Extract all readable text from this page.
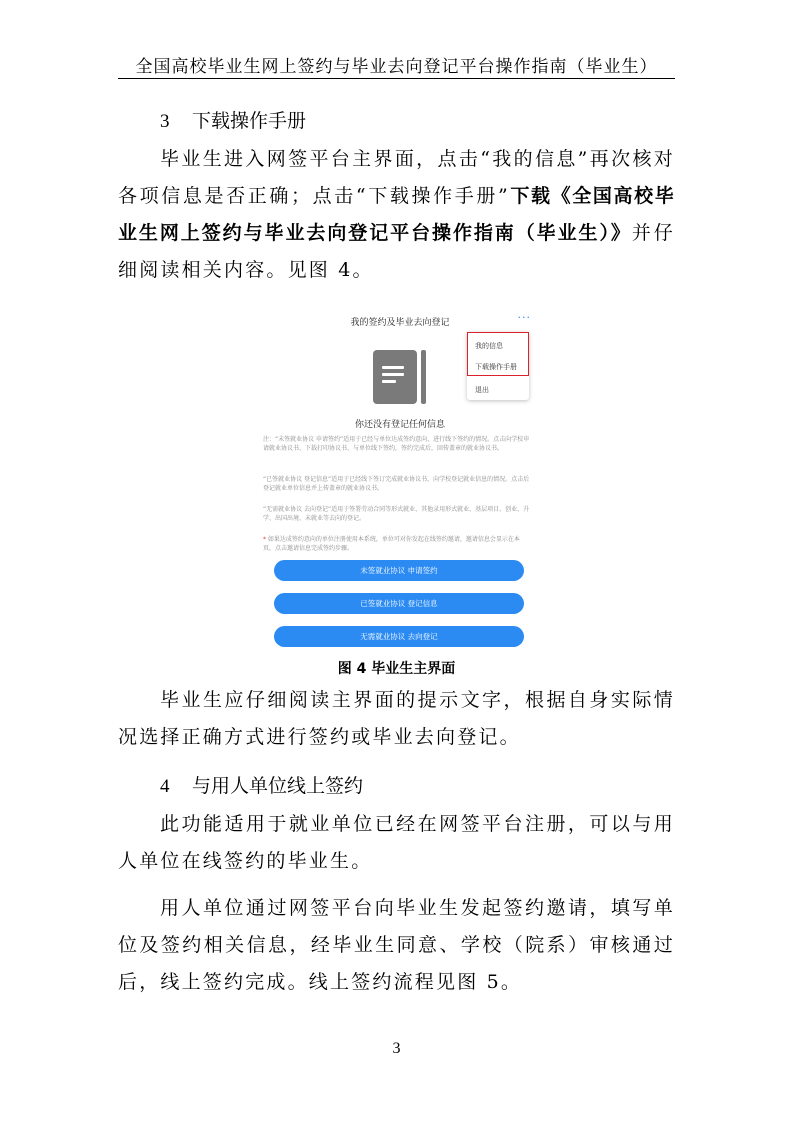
全国高校毕业生网上签约与毕业去向登记平台操作指南（毕业生）
3 下载操作手册
毕业生进入网签平台主界面，点击“我的信息”再次核对各项信息是否正确；点击“下载操作手册”下载《全国高校毕业生网上签约与毕业去向登记平台操作指南（毕业生）》并仔细阅读相关内容。见图 4。
我的签约及毕业去向登记	···
我的信息
下载操作手册
退出
你还没有登记任何信息
注：“未签就业协议 申请签约”适用于已经与单位达成签约意向、进行线下签约的情况。点击向学校申请就业协议书、下载打印协议书、与单位线下签约，签约完成后，回传盖章的就业协议书。
“已签就业协议 登记信息”适用于已经线下签订完成就业协议书，向学校登记就业信息的情况。点击后登记就业单位信息并上传盖章的就业协议书。
“无需就业协议 去向登记”适用于签署劳动合同等形式就业、其他录用形式就业、基层项目、创业、升学、出国出境、未就业等去向的登记。
* 如果达成签约意向的单位注册使用本系统，单位可对你发起在线签约邀请，邀请信息会显示在本页，点击邀请信息完成签约步骤。
未签就业协议 申请签约
已签就业协议 登记信息
无需就业协议 去向登记
图 4 毕业生主界面
毕业生应仔细阅读主界面的提示文字，根据自身实际情况选择正确方式进行签约或毕业去向登记。
4 与用人单位线上签约
此功能适用于就业单位已经在网签平台注册，可以与用人单位在线签约的毕业生。
用人单位通过网签平台向毕业生发起签约邀请，填写单位及签约相关信息，经毕业生同意、学校（院系）审核通过后，线上签约完成。线上签约流程见图 5。
3
